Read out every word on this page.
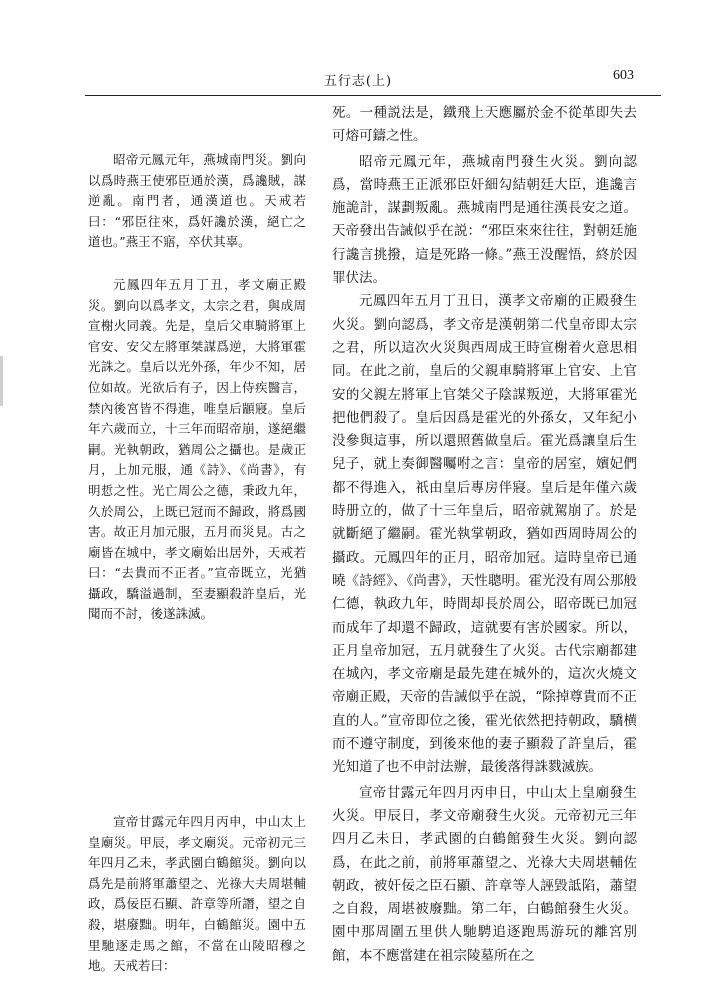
五行志(上)	603

昭帝元鳳元年，燕城南門災。劉向以爲時燕王使邪臣通於漢，爲讒賊，謀逆亂。南門者，通漢道也。天戒若曰：“邪臣往來，爲奸讒於漢，絕亡之道也。”燕王不寤，卒伏其辜。

元鳳四年五月丁丑，孝文廟正殿災。劉向以爲孝文，太宗之君，與成周宣榭火同義。先是，皇后父車騎將軍上官安、安父左將軍桀謀爲逆，大將軍霍光誅之。皇后以光外孫，年少不知，居位如故。光欲后有子，因上侍疾醫言，禁內後宮皆不得進，唯皇后顓寢。皇后年六歲而立，十三年而昭帝崩，遂絕繼嗣。光執朝政，猶周公之攝也。是歲正月，上加元服，通《詩》、《尚書》，有明悊之性。光亡周公之德，秉政九年，久於周公，上既已冠而不歸政，將爲國害。故正月加元服，五月而災見。古之廟皆在城中，孝文廟始出居外，天戒若曰：“去貴而不正者。”宣帝既立，光猶攝政，驕溢過制，至妻顯殺許皇后，光聞而不討，後遂誅滅。

宣帝甘露元年四月丙申，中山太上皇廟災。甲辰，孝文廟災。元帝初元三年四月乙未，孝武園白鶴館災。劉向以爲先是前將軍蕭望之、光祿大夫周堪輔政，爲佞臣石顯、許章等所譖，望之自殺，堪廢黜。明年，白鶴館災。園中五里馳逐走馬之館，不當在山陵昭穆之地。天戒若曰：

死。一種説法是，鐵飛上天應屬於金不從革即失去可熔可鑄之性。

昭帝元鳳元年，燕城南門發生火災。劉向認爲，當時燕王正派邪臣奸細勾結朝廷大臣，進讒言施詭計，謀劃叛亂。燕城南門是通往漢長安之道。天帝發出告誡似乎在説：“邪臣來來往往，對朝廷施行讒言挑撥，這是死路一條。”燕王没醒悟，終於因罪伏法。

元鳳四年五月丁丑日，漢孝文帝廟的正殿發生火災。劉向認爲，孝文帝是漢朝第二代皇帝即太宗之君，所以這次火災與西周成王時宣榭着火意思相同。在此之前，皇后的父親車騎將軍上官安、上官安的父親左將軍上官桀父子陰謀叛逆，大將軍霍光把他們殺了。皇后因爲是霍光的外孫女，又年紀小没參與這事，所以還照舊做皇后。霍光爲讓皇后生兒子，就上奏御醫囑咐之言：皇帝的居室，嬪妃們都不得進入，祇由皇后專房伴寢。皇后是年僅六歲時册立的，做了十三年皇后，昭帝就駕崩了。於是就斷絕了繼嗣。霍光執掌朝政，猶如西周時周公的攝政。元鳳四年的正月，昭帝加冠。這時皇帝已通曉《詩經》、《尚書》，天性聰明。霍光没有周公那般仁德，執政九年，時間却長於周公，昭帝既已加冠而成年了却還不歸政，這就要有害於國家。所以，正月皇帝加冠，五月就發生了火災。古代宗廟都建在城內，孝文帝廟是最先建在城外的，這次火燒文帝廟正殿，天帝的告誡似乎在説，“除掉尊貴而不正直的人。”宣帝即位之後，霍光依然把持朝政，驕横而不遵守制度，到後來他的妻子顯殺了許皇后，霍光知道了也不申討法辦，最後落得誅戮滅族。

宣帝甘露元年四月丙申日，中山太上皇廟發生火災。甲辰日，孝文帝廟發生火災。元帝初元三年四月乙未日，孝武園的白鶴館發生火災。劉向認爲，在此之前，前將軍蕭望之、光祿大夫周堪輔佐朝政，被奸佞之臣石顯、許章等人誣毀詆陷，蕭望之自殺，周堪被廢黜。第二年，白鶴館發生火災。園中那周圍五里供人馳騁追逐跑馬游玩的離宮別館，本不應當建在祖宗陵墓所在之
